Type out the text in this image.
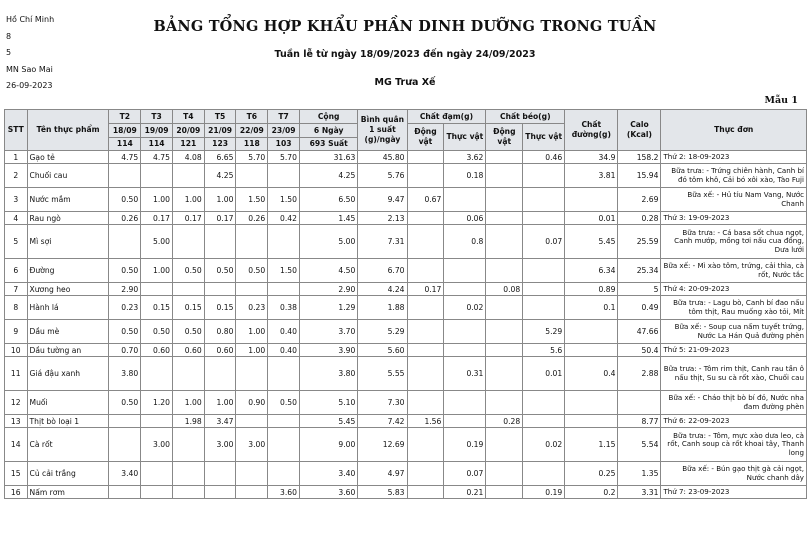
Hồ Chí Minh
8
5
MN Sao Mai
26-09-2023
BẢNG TỔNG HỢP KHẨU PHẦN DINH DƯỠNG TRONG TUẦN
Tuần lễ từ ngày 18/09/2023 đến ngày 24/09/2023
MG Trưa Xế
Mẫu 1
STT	Tên thực phẩm	T2	T3	T4	T5	T6	T7	Cộng	Bình quân 1 suất (g)/ngày	Chất đạm(g)		Chất béo(g)		Chất đường(g)	Calo (Kcal)	Thực đơn
		18/09	19/09	20/09	21/09	22/09	23/09	6 Ngày		Động vật	Thực vật	Động vật	Thực vật			
		114	114	121	123	118	103	693 Suất								
1	Gạo tẻ	4.75	4.75	4.08	6.65	5.70	5.70	31.63	45.80		3.62		0.46	34.9	158.2	Thứ 2: 18-09-2023
2	Chuối cau				4.25			4.25	5.76		0.18			3.81	15.94	Bữa trưa: - Trứng chiên hành, Canh bí đỏ tôm khô, Cải bó xôi xào, Tào Fuji
3	Nước mắm	0.50	1.00	1.00	1.00	1.50	1.50	6.50	9.47	0.67					2.69	Bữa xế: - Hủ tíu Nam Vang, Nước Chanh
4	Rau ngò	0.26	0.17	0.17	0.17	0.26	0.42	1.45	2.13		0.06			0.01	0.28	Thứ 3: 19-09-2023
5	Mì sợi		5.00					5.00	7.31		0.8		0.07	5.45	25.59	Bữa trưa: - Cá basa sốt chua ngọt, Canh mướp, mồng tơi nấu cua đồng, Dưa lưới
6	Đường	0.50	1.00	0.50	0.50	0.50	1.50	4.50	6.70					6.34	25.34	Bữa xế: - Mì xào tôm, trứng, cải thìa, cà rốt, Nước tắc
7	Xương heo	2.90						2.90	4.24	0.17		0.08		0.89	5	Thứ 4: 20-09-2023
8	Hành lá	0.23	0.15	0.15	0.15	0.23	0.38	1.29	1.88		0.02			0.1	0.49	Bữa trưa: - Lagu bò, Canh bí đao nấu tôm thịt, Rau muống xào tỏi, Mít
9	Dầu mè	0.50	0.50	0.50	0.80	1.00	0.40	3.70	5.29				5.29		47.66	Bữa xế: - Soup cua nấm tuyết trứng, Nước La Hán Quả đường phèn
10	Dầu tường an	0.70	0.60	0.60	0.60	1.00	0.40	3.90	5.60				5.6		50.4	Thứ 5: 21-09-2023
11	Giá đậu xanh	3.80						3.80	5.55		0.31		0.01	0.4	2.88	Bữa trưa: - Tôm rim thịt, Canh rau tần ô nấu thịt, Su su cà rốt xào, Chuối cau
12	Muối	0.50	1.20	1.00	1.00	0.90	0.50	5.10	7.30							Bữa xế: - Cháo thịt bò bí đỏ, Nước nha đam đường phèn
13	Thịt bò loại 1			1.98	3.47			5.45	7.42	1.56		0.28			8.77	Thứ 6: 22-09-2023
14	Cà rốt		3.00		3.00	3.00		9.00	12.69		0.19		0.02	1.15	5.54	Bữa trưa: - Tôm, mực xào dưa leo, cà rốt, Canh soup cà rốt khoai tây, Thanh long
15	Củ cải trắng	3.40						3.40	4.97		0.07			0.25	1.35	Bữa xế: - Bún gạo thịt gà cải ngọt, Nước chanh dây
16	Nấm rơm						3.60	3.60	5.83		0.21		0.19	0.2	3.31	Thứ 7: 23-09-2023
